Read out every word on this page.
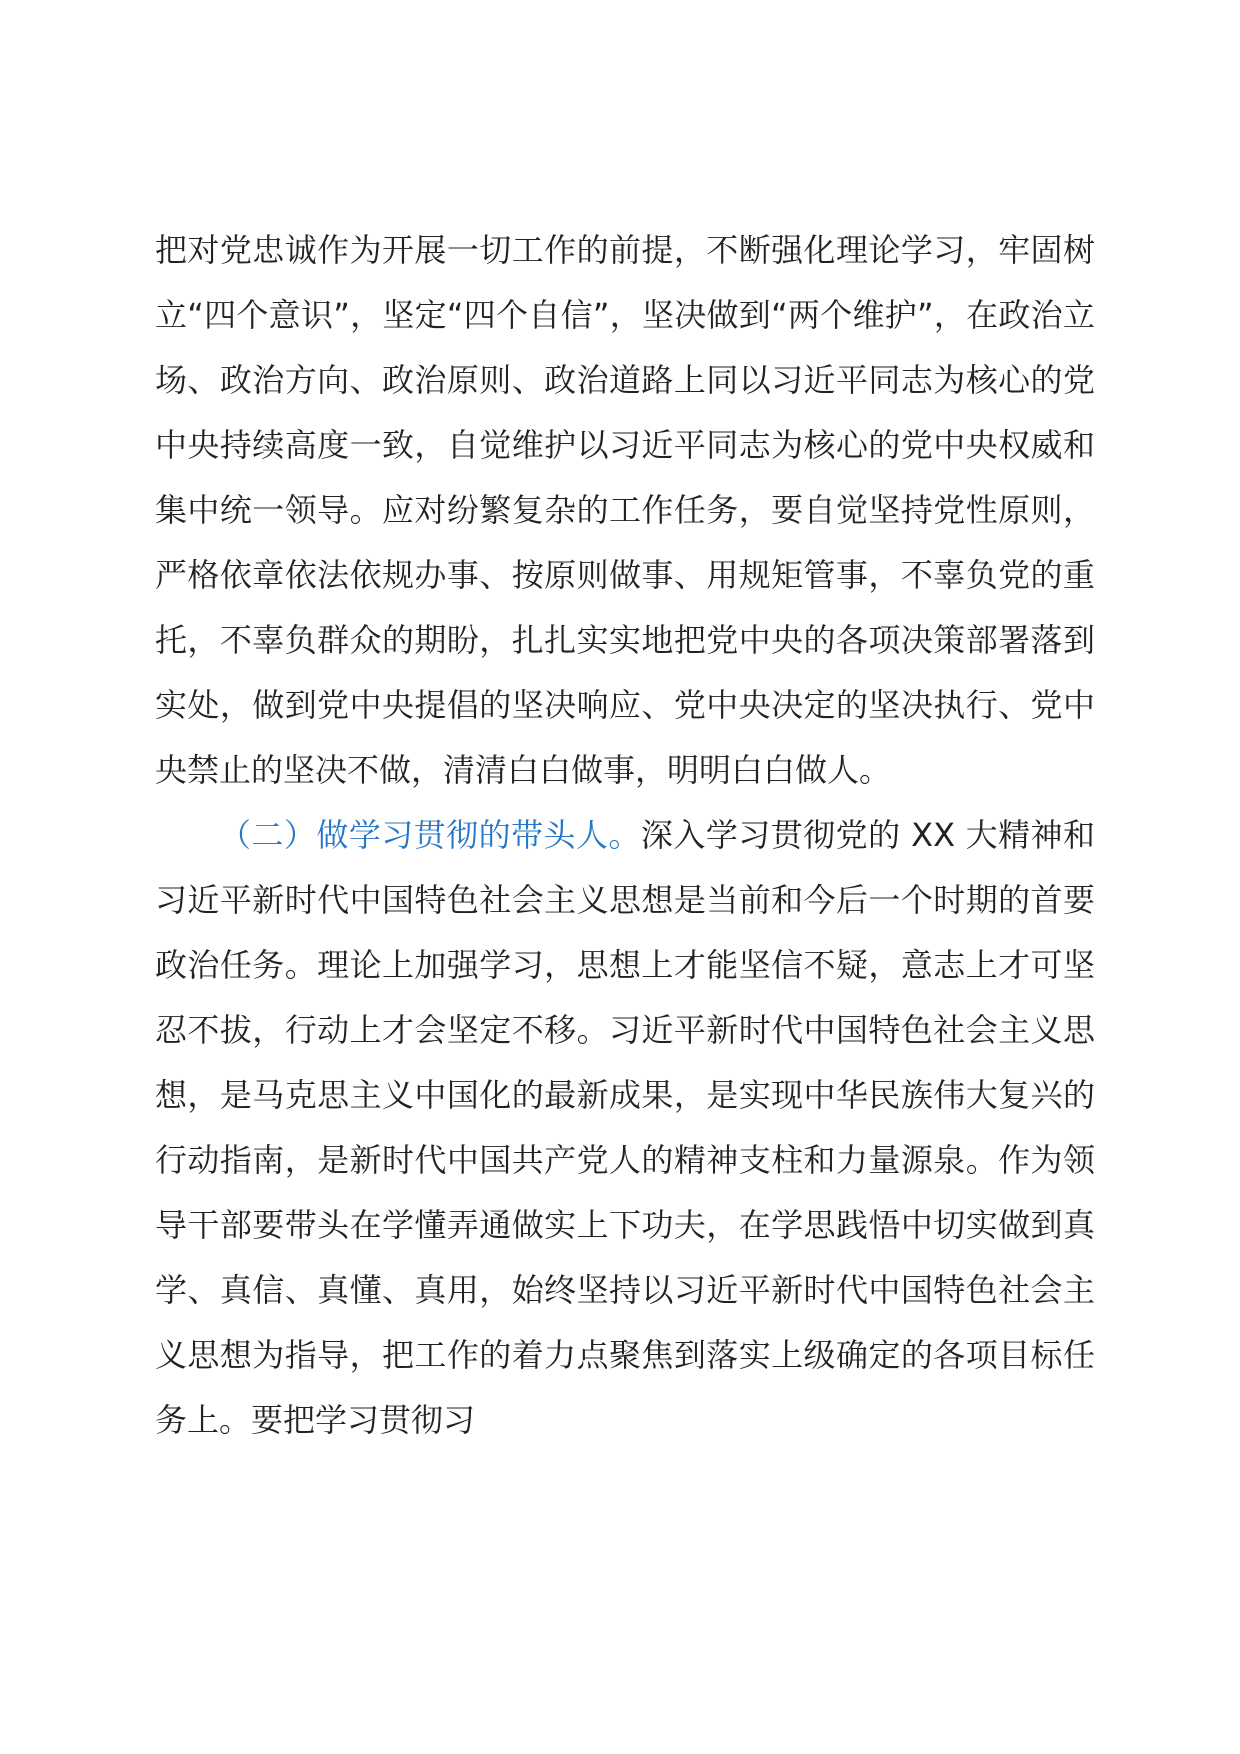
把对党忠诚作为开展一切工作的前提，不断强化理论学习，牢固树立“四个意识”，坚定“四个自信”，坚决做到“两个维护”，在政治立场、政治方向、政治原则、政治道路上同以习近平同志为核心的党中央持续高度一致，自觉维护以习近平同志为核心的党中央权威和集中统一领导。应对纷繁复杂的工作任务，要自觉坚持党性原则，严格依章依法依规办事、按原则做事、用规矩管事，不辜负党的重托，不辜负群众的期盼，扎扎实实地把党中央的各项决策部署落到实处，做到党中央提倡的坚决响应、党中央决定的坚决执行、党中央禁止的坚决不做，清清白白做事，明明白白做人。

（二）做学习贯彻的带头人。深入学习贯彻党的 XX 大精神和习近平新时代中国特色社会主义思想是当前和今后一个时期的首要政治任务。理论上加强学习，思想上才能坚信不疑，意志上才可坚忍不拔，行动上才会坚定不移。习近平新时代中国特色社会主义思想，是马克思主义中国化的最新成果，是实现中华民族伟大复兴的行动指南，是新时代中国共产党人的精神支柱和力量源泉。作为领导干部要带头在学懂弄通做实上下功夫，在学思践悟中切实做到真学、真信、真懂、真用，始终坚持以习近平新时代中国特色社会主义思想为指导，把工作的着力点聚焦到落实上级确定的各项目标任务上。要把学习贯彻习
